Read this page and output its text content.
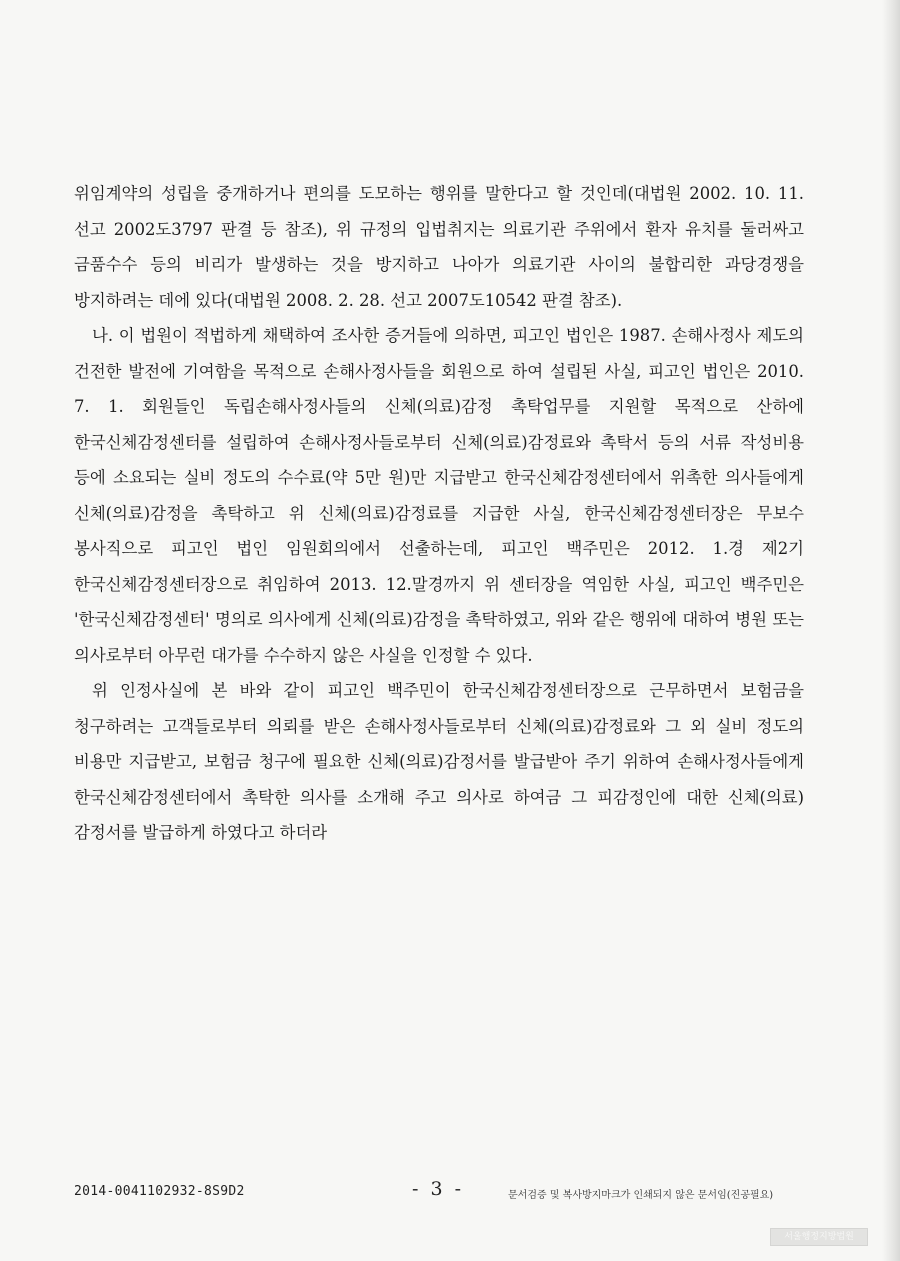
위임계약의 성립을 중개하거나 편의를 도모하는 행위를 말한다고 할 것인데(대법원 2002. 10. 11. 선고 2002도3797 판결 등 참조), 위 규정의 입법취지는 의료기관 주위에서 환자 유치를 둘러싸고 금품수수 등의 비리가 발생하는 것을 방지하고 나아가 의료기관 사이의 불합리한 과당경쟁을 방지하려는 데에 있다(대법원 2008. 2. 28. 선고 2007도10542 판결 참조).

나. 이 법원이 적법하게 채택하여 조사한 증거들에 의하면, 피고인 법인은 1987. 손해사정사 제도의 건전한 발전에 기여함을 목적으로 손해사정사들을 회원으로 하여 설립된 사실, 피고인 법인은 2010. 7. 1. 회원들인 독립손해사정사들의 신체(의료)감정 촉탁업무를 지원할 목적으로 산하에 한국신체감정센터를 설립하여 손해사정사들로부터 신체(의료)감정료와 촉탁서 등의 서류 작성비용 등에 소요되는 실비 정도의 수수료(약 5만 원)만 지급받고 한국신체감정센터에서 위촉한 의사들에게 신체(의료)감정을 촉탁하고 위 신체(의료)감정료를 지급한 사실, 한국신체감정센터장은 무보수 봉사직으로 피고인 법인 임원회의에서 선출하는데, 피고인 백주민은 2012. 1.경 제2기 한국신체감정센터장으로 취임하여 2013. 12.말경까지 위 센터장을 역임한 사실, 피고인 백주민은 '한국신체감정센터' 명의로 의사에게 신체(의료)감정을 촉탁하였고, 위와 같은 행위에 대하여 병원 또는 의사로부터 아무런 대가를 수수하지 않은 사실을 인정할 수 있다.

위 인정사실에 본 바와 같이 피고인 백주민이 한국신체감정센터장으로 근무하면서 보험금을 청구하려는 고객들로부터 의뢰를 받은 손해사정사들로부터 신체(의료)감정료와 그 외 실비 정도의 비용만 지급받고, 보험금 청구에 필요한 신체(의료)감정서를 발급받아 주기 위하여 손해사정사들에게 한국신체감정센터에서 촉탁한 의사를 소개해 주고 의사로 하여금 그 피감정인에 대한 신체(의료)감정서를 발급하게 하였다고 하더라

2014-0041102932-8S9D2	- 3 -	문서검증 및 복사방지마크가 인쇄되지 않은 문서임(진공필요)
서울행정지방법원
